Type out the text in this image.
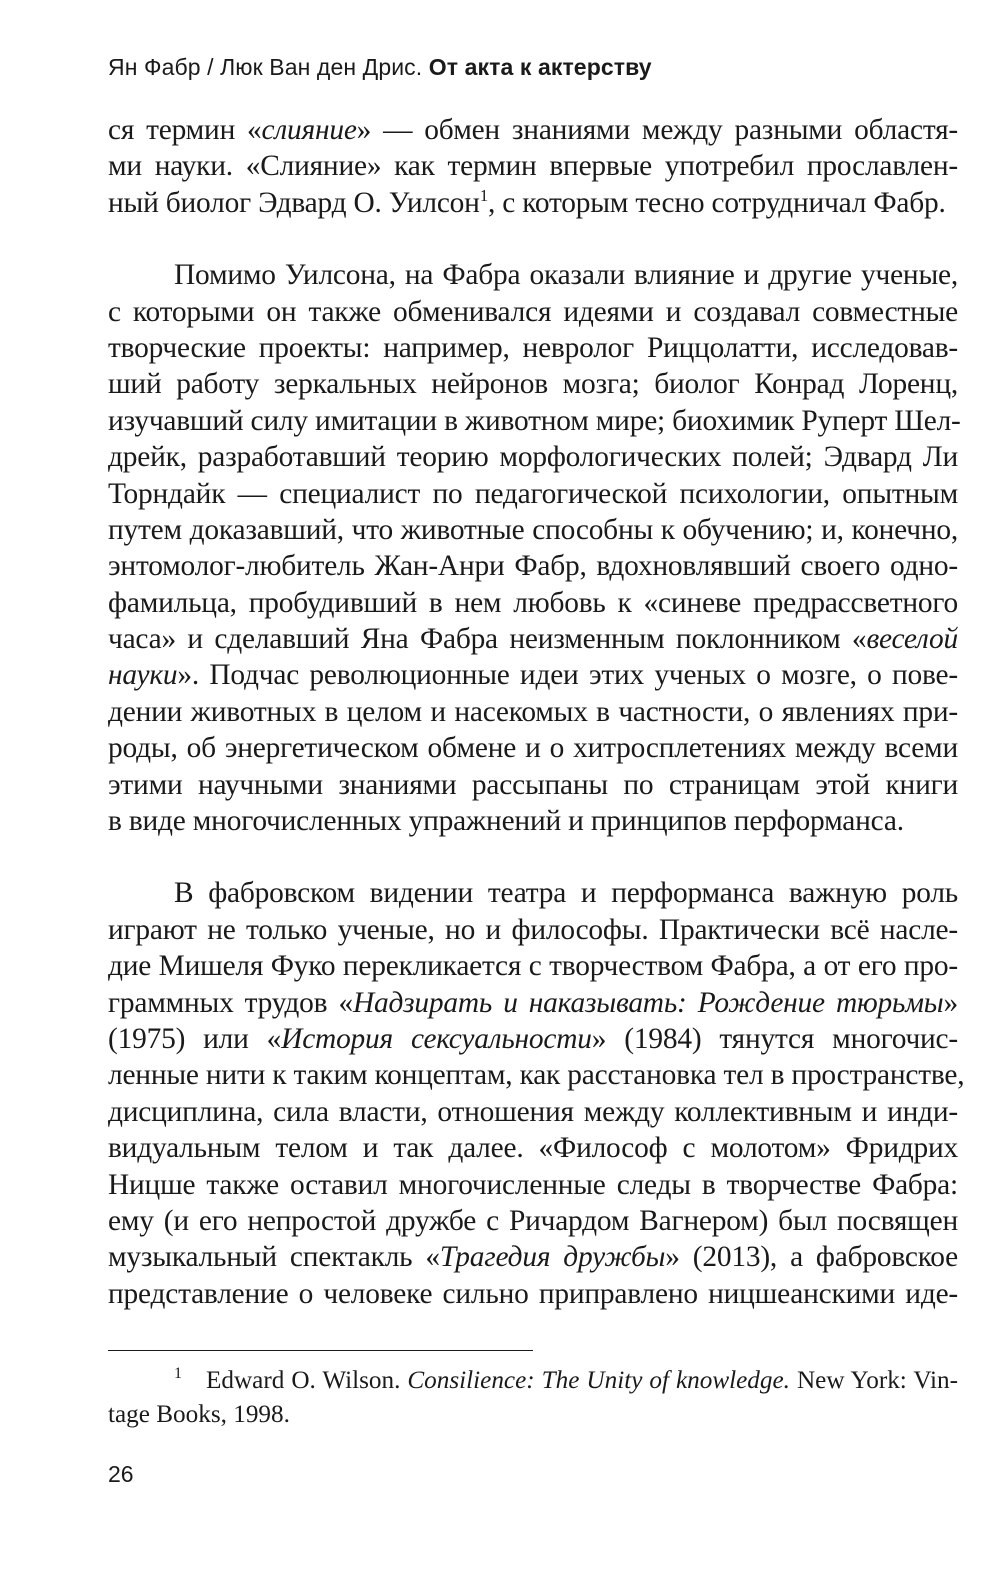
Ян Фабр / Люк Ван ден Дрис. От акта к актерству
ся термин «слияние» — обмен знаниями между разными областя-
ми науки. «Слияние» как термин впервые употребил прославлен-
ный биолог Эдвард О. Уилсон$^1$, с которым тесно сотрудничал Фабр.
Помимо Уилсона, на Фабра оказали влияние и другие ученые,
с которыми он также обменивался идеями и создавал совместные
творческие проекты: например, невролог Риццолатти, исследовав-
ший работу зеркальных нейронов мозга; биолог Конрад Лоренц,
изучавший силу имитации в животном мире; биохимик Руперт Шел-
дрейк, разработавший теорию морфологических полей; Эдвард Ли
Торндайк — специалист по педагогической психологии, опытным
путем доказавший, что животные способны к обучению; и, конечно,
энтомолог-любитель Жан-Анри Фабр, вдохновлявший своего одно-
фамильца, пробудивший в нем любовь к «синеве предрассветного
часа» и сделавший Яна Фабра неизменным поклонником «веселой
науки». Подчас революционные идеи этих ученых о мозге, о пове-
дении животных в целом и насекомых в частности, о явлениях при-
роды, об энергетическом обмене и о хитросплетениях между всеми
этими научными знаниями рассыпаны по страницам этой книги
в виде многочисленных упражнений и принципов перформанса.
В фабровском видении театра и перформанса важную роль
играют не только ученые, но и философы. Практически всё насле-
дие Мишеля Фуко перекликается с творчеством Фабра, а от его про-
граммных трудов «Надзирать и наказывать: Рождение тюрьмы»
(1975) или «История сексуальности» (1984) тянутся многочис-
ленные нити к таким концептам, как расстановка тел в пространстве,
дисциплина, сила власти, отношения между коллективным и инди-
видуальным телом и так далее. «Философ с молотом» Фридрих
Ницше также оставил многочисленные следы в творчестве Фабра:
ему (и его непростой дружбе с Ричардом Вагнером) был посвящен
музыкальный спектакль «Трагедия дружбы» (2013), а фабровское
представление о человеке сильно приправлено ницшеанскими иде-
$^1$ Edward O. Wilson. Consilience: The Unity of knowledge. New York: Vin-
tage Books, 1998.
26
